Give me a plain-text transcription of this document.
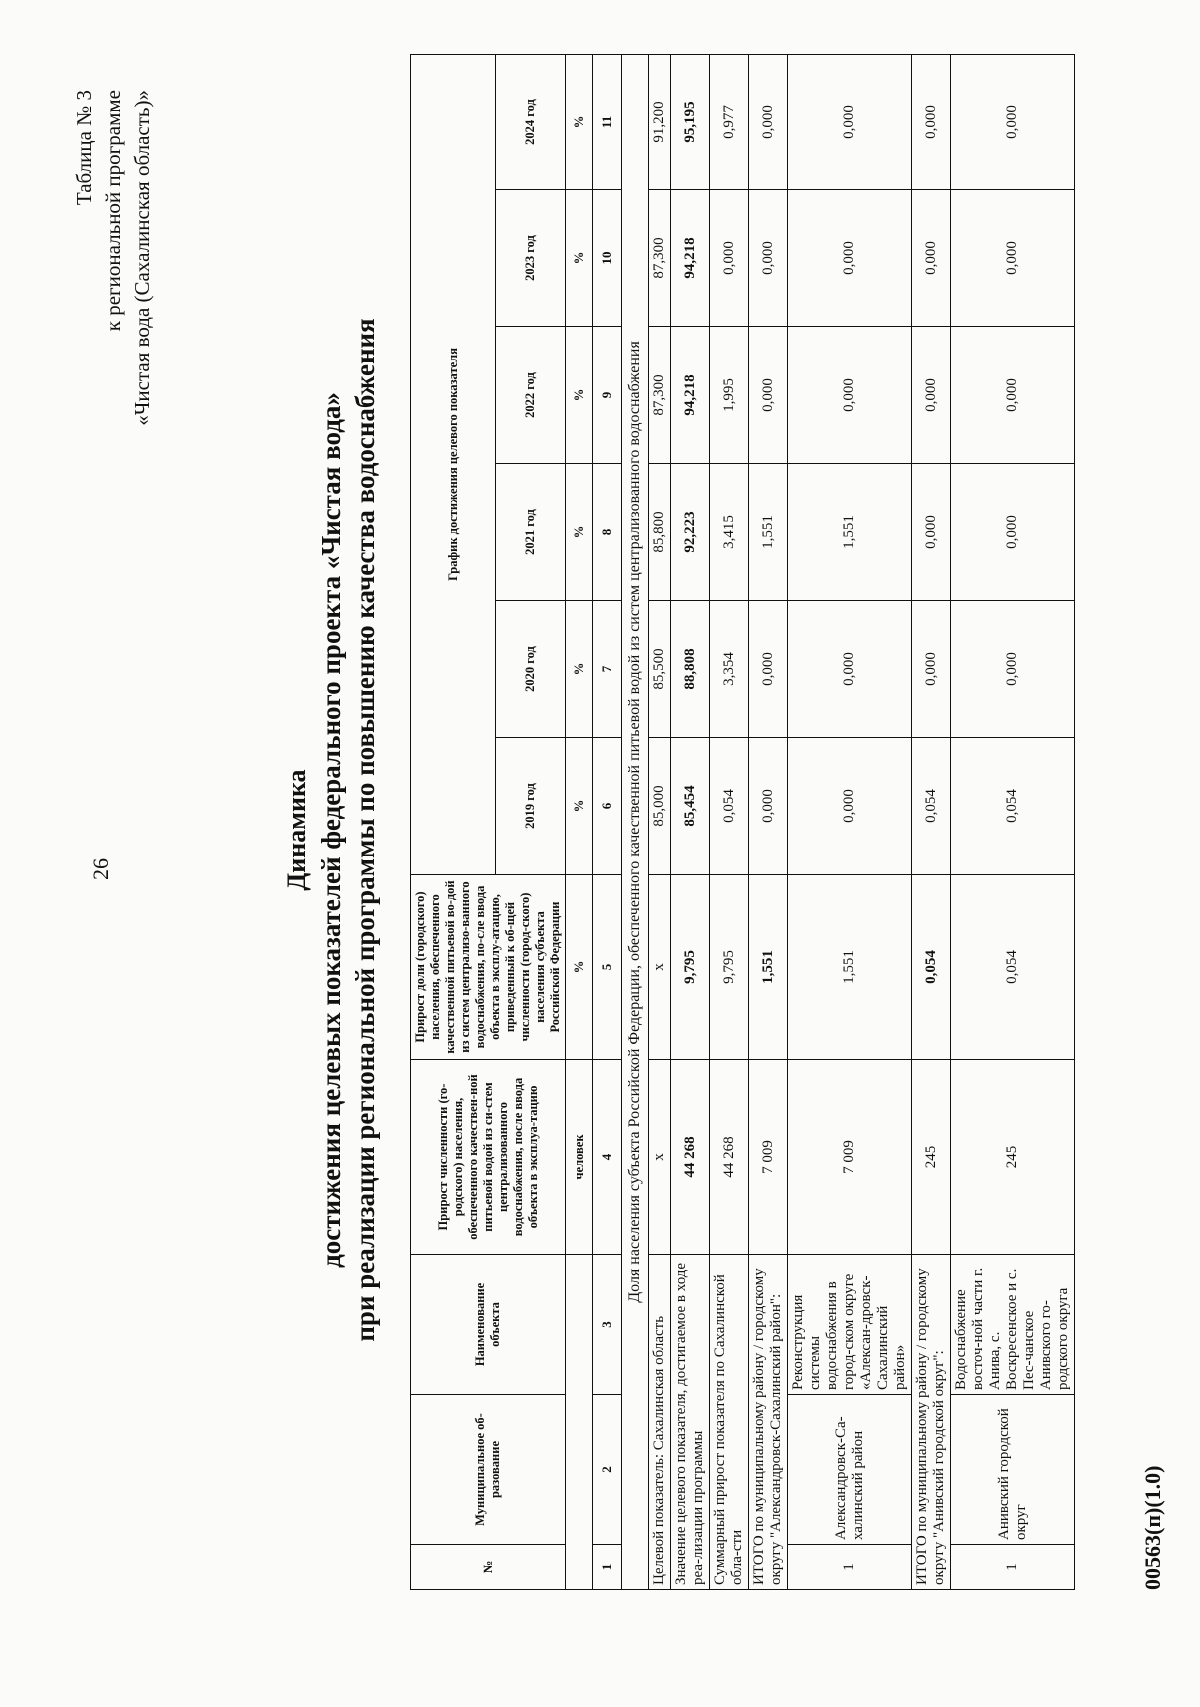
26
Таблица № 3 к региональной программе «Чистая вода (Сахалинская область)»
Динамика достижения целевых показателей федерального проекта «Чистая вода» при реализации региональной программы по повышению качества водоснабжения
№	Муниципальное об-разование	Наименование объекта	Прирост численности (го-родского) населения, обеспеченного качествен-ной питьевой водой из си-стем централизованного водоснабжения, после ввода объекта в эксплуа-тацию	Прирост доли (городского) населения, обеспеченного качественной питьевой во-дой из систем централизо-ванного водоснабжения, по-сле ввода объекта в эксплу-атацию, приведенный к об-щей численности (город-ского) населения субъекта Российской Федерации	График достижения целевого показателя					
					2019 год	2020 год	2021 год	2022 год	2023 год	2024 год
			человек	%	%	%	%	%	%	%
1	2	3	4	5	6	7	8	9	10	11
Доля населения субъекта Российской Федерации, обеспеченного качественной питьевой водой из систем централизованного водоснабжения										
Целевой показатель: Сахалинская область			х	х	85,000	85,500	85,800	87,300	87,300	91,200
Значение целевого показателя, достигаемое в ходе реа-лизации программы			44 268	9,795	85,454	88,808	92,223	94,218	94,218	95,195
Суммарный прирост показателя по Сахалинской обла-сти			44 268	9,795	0,054	3,354	3,415	1,995	0,000	0,977
ИТОГО по муниципальному району / городскому округу "Александровск-Сахалинский район":			7 009	1,551	0,000	0,000	1,551	0,000	0,000	0,000
1	Александровск-Са-халинский район	Реконструкция системы водоснабжения в город-ском округе «Алексан-дровск-Сахалинский район»	7 009	1,551	0,000	0,000	1,551	0,000	0,000	0,000
ИТОГО по муниципальному району / городскому округу "Анивский городской округ":			245	0,054	0,054	0,000	0,000	0,000	0,000	0,000
1	Анивский городской округ	Водоснабжение восточ-ной части г. Анива, с. Воскресенское и с. Пес-чанское Анивского го-родского округа	245	0,054	0,054	0,000	0,000	0,000	0,000	0,000
00563(п)(1.0)
